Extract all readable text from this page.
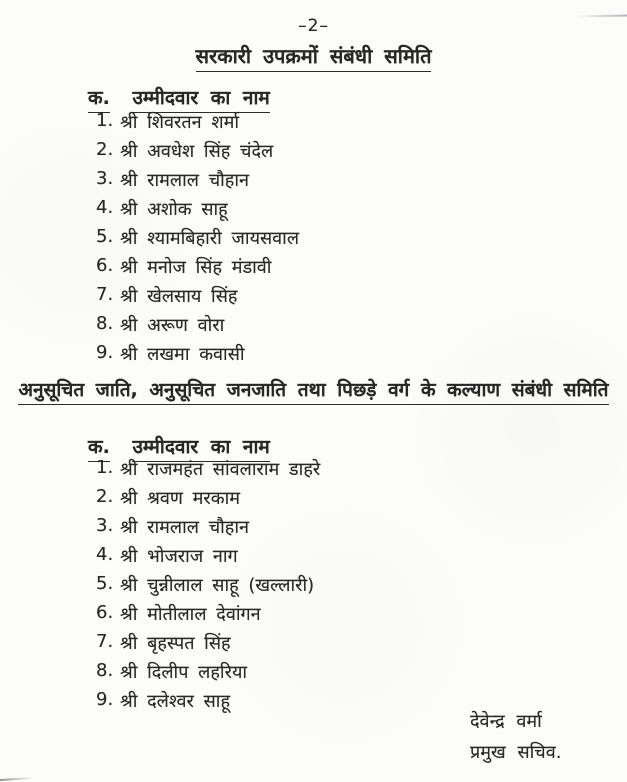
–2–
सरकारी उपक्रमों संबंधी समिति
क. उम्मीदवार का नाम
1. श्री शिवरतन शर्मा
2. श्री अवधेश सिंह चंदेल
3. श्री रामलाल चौहान
4. श्री अशोक साहू
5. श्री श्यामबिहारी जायसवाल
6. श्री मनोज सिंह मंडावी
7. श्री खेलसाय सिंह
8. श्री अरूण वोरा
9. श्री लखमा कवासी
अनुसूचित जाति, अनुसूचित जनजाति तथा पिछड़े वर्ग के कल्याण संबंधी समिति
क. उम्मीदवार का नाम
1. श्री राजमहंत सांवलाराम डाहरे
2. श्री श्रवण मरकाम
3. श्री रामलाल चौहान
4. श्री भोजराज नाग
5. श्री चुन्नीलाल साहू (खल्लारी)
6. श्री मोतीलाल देवांगन
7. श्री बृहस्पत सिंह
8. श्री दिलीप लहरिया
9. श्री दलेश्वर साहू
देवेन्द्र वर्मा
प्रमुख सचिव.
